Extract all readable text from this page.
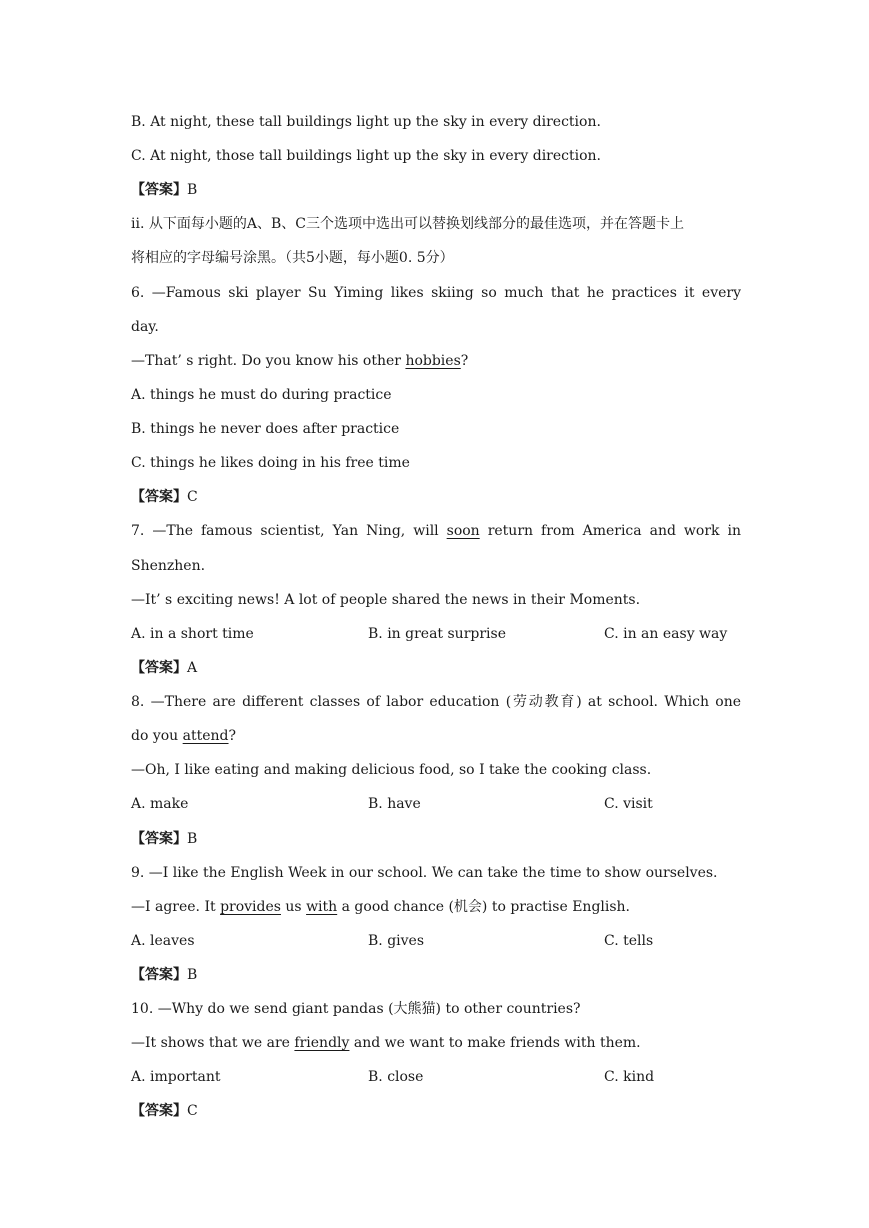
B. At night, these tall buildings light up the sky in every direction.
C. At night, those tall buildings light up the sky in every direction.
【答案】B
ii. 从下面每小题的A、B、C三个选项中选出可以替换划线部分的最佳选项，并在答题卡上
将相应的字母编号涂黑。（共5小题，每小题0. 5分）
6. —Famous ski player Su Yiming likes skiing so much that he practices it every
day.
—That’ s right. Do you know his other hobbies?
A. things he must do during practice
B. things he never does after practice
C. things he likes doing in his free time
【答案】C
7. —The famous scientist, Yan Ning, will soon return from America and work in
Shenzhen.
—It’ s exciting news! A lot of people shared the news in their Moments.
A. in a short time	B. in great surprise	C. in an easy way
【答案】A
8. —There are different classes of labor education (劳动教育) at school. Which one
do you attend?
—Oh, I like eating and making delicious food, so I take the cooking class.
A. make	B. have	C. visit
【答案】B
9. —I like the English Week in our school. We can take the time to show ourselves.
—I agree. It provides us with a good chance (机会) to practise English.
A. leaves	B. gives	C. tells
【答案】B
10. —Why do we send giant pandas (大熊猫) to other countries?
—It shows that we are friendly and we want to make friends with them.
A. important	B. close	C. kind
【答案】C
